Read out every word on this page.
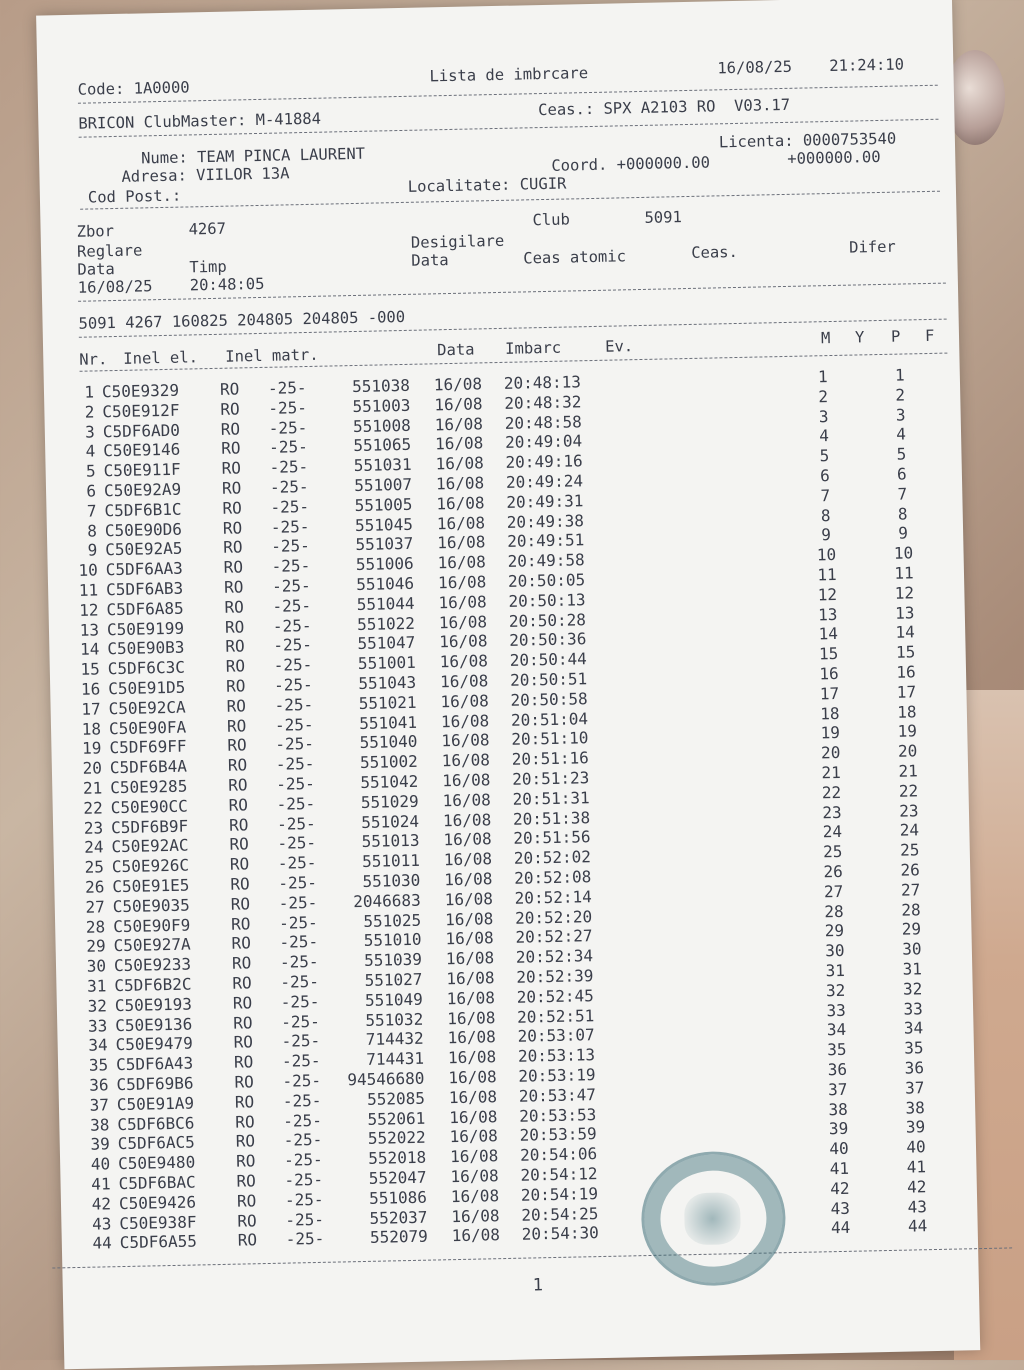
Code: 1A0000
Lista de imbrcare	16/08/25 21:24:10
BRICON ClubMaster: M-41884
Ceas.: SPX A2103 RO  V03.17
Nume: TEAM PINCA LAURENT
Licenta: 0000753540
Adresa: VIILOR 13A
Coord. +000000.00	+000000.00
Cod Post.:
Localitate: CUGIR
Zbor	4267	Club	5091
Reglare	Desigilare
Data	Timp	Data	Ceas atomic	Ceas.	Difer
16/08/25 20:48:05
5091 4267 160825 204805 204805 -000
Nr. Inel el. Inel matr.	Data Imbarc	Ev.	M Y P F
1 C50E9329	RO -25-	551038 16/08 20:48:13	1	1
2 C50E912F	RO -25-	551003 16/08 20:48:32	2	2
3 C5DF6AD0	RO -25-	551008 16/08 20:48:58	3	3
4 C50E9146	RO -25-	551065 16/08 20:49:04	4	4
5 C50E911F	RO -25-	551031 16/08 20:49:16	5	5
6 C50E92A9	RO -25-	551007 16/08 20:49:24	6	6
7 C5DF6B1C	RO -25-	551005 16/08 20:49:31	7	7
8 C50E90D6	RO -25-	551045 16/08 20:49:38	8	8
9 C50E92A5	RO -25-	551037 16/08 20:49:51	9	9
10 C5DF6AA3	RO -25-	551006 16/08 20:49:58	10	10
11 C5DF6AB3	RO -25-	551046 16/08 20:50:05	11	11
12 C5DF6A85	RO -25-	551044 16/08 20:50:13	12	12
13 C50E9199	RO -25-	551022 16/08 20:50:28	13	13
14 C50E90B3	RO -25-	551047 16/08 20:50:36	14	14
15 C5DF6C3C	RO -25-	551001 16/08 20:50:44	15	15
16 C50E91D5	RO -25-	551043 16/08 20:50:51	16	16
17 C50E92CA	RO -25-	551021 16/08 20:50:58	17	17
18 C50E90FA	RO -25-	551041 16/08 20:51:04	18	18
19 C5DF69FF	RO -25-	551040 16/08 20:51:10	19	19
20 C5DF6B4A	RO -25-	551002 16/08 20:51:16	20	20
21 C50E9285	RO -25-	551042 16/08 20:51:23	21	21
22 C50E90CC	RO -25-	551029 16/08 20:51:31	22	22
23 C5DF6B9F	RO -25-	551024 16/08 20:51:38	23	23
24 C50E92AC	RO -25-	551013 16/08 20:51:56	24	24
25 C50E926C	RO -25-	551011 16/08 20:52:02	25	25
26 C50E91E5	RO -25-	551030 16/08 20:52:08	26	26
27 C50E9035	RO -25-	2046683 16/08 20:52:14	27	27
28 C50E90F9	RO -25-	551025 16/08 20:52:20	28	28
29 C50E927A	RO -25-	551010 16/08 20:52:27	29	29
30 C50E9233	RO -25-	551039 16/08 20:52:34	30	30
31 C5DF6B2C	RO -25-	551027 16/08 20:52:39	31	31
32 C50E9193	RO -25-	551049 16/08 20:52:45	32	32
33 C50E9136	RO -25-	551032 16/08 20:52:51	33	33
34 C50E9479	RO -25-	714432 16/08 20:53:07	34	34
35 C5DF6A43	RO -25-	714431 16/08 20:53:13	35	35
36 C5DF69B6	RO -25-	94546680 16/08 20:53:19	36	36
37 C50E91A9	RO -25-	552085 16/08 20:53:47	37	37
38 C5DF6BC6	RO -25-	552061 16/08 20:53:53	38	38
39 C5DF6AC5	RO -25-	552022 16/08 20:53:59	39	39
40 C50E9480	RO -25-	552018 16/08 20:54:06	40	40
41 C5DF6BAC	RO -25-	552047 16/08 20:54:12	41	41
42 C50E9426	RO -25-	551086 16/08 20:54:19	42	42
43 C50E938F	RO -25-	552037 16/08 20:54:25	43	43
44 C5DF6A55	RO -25-	552079 16/08 20:54:30	44	44
1
